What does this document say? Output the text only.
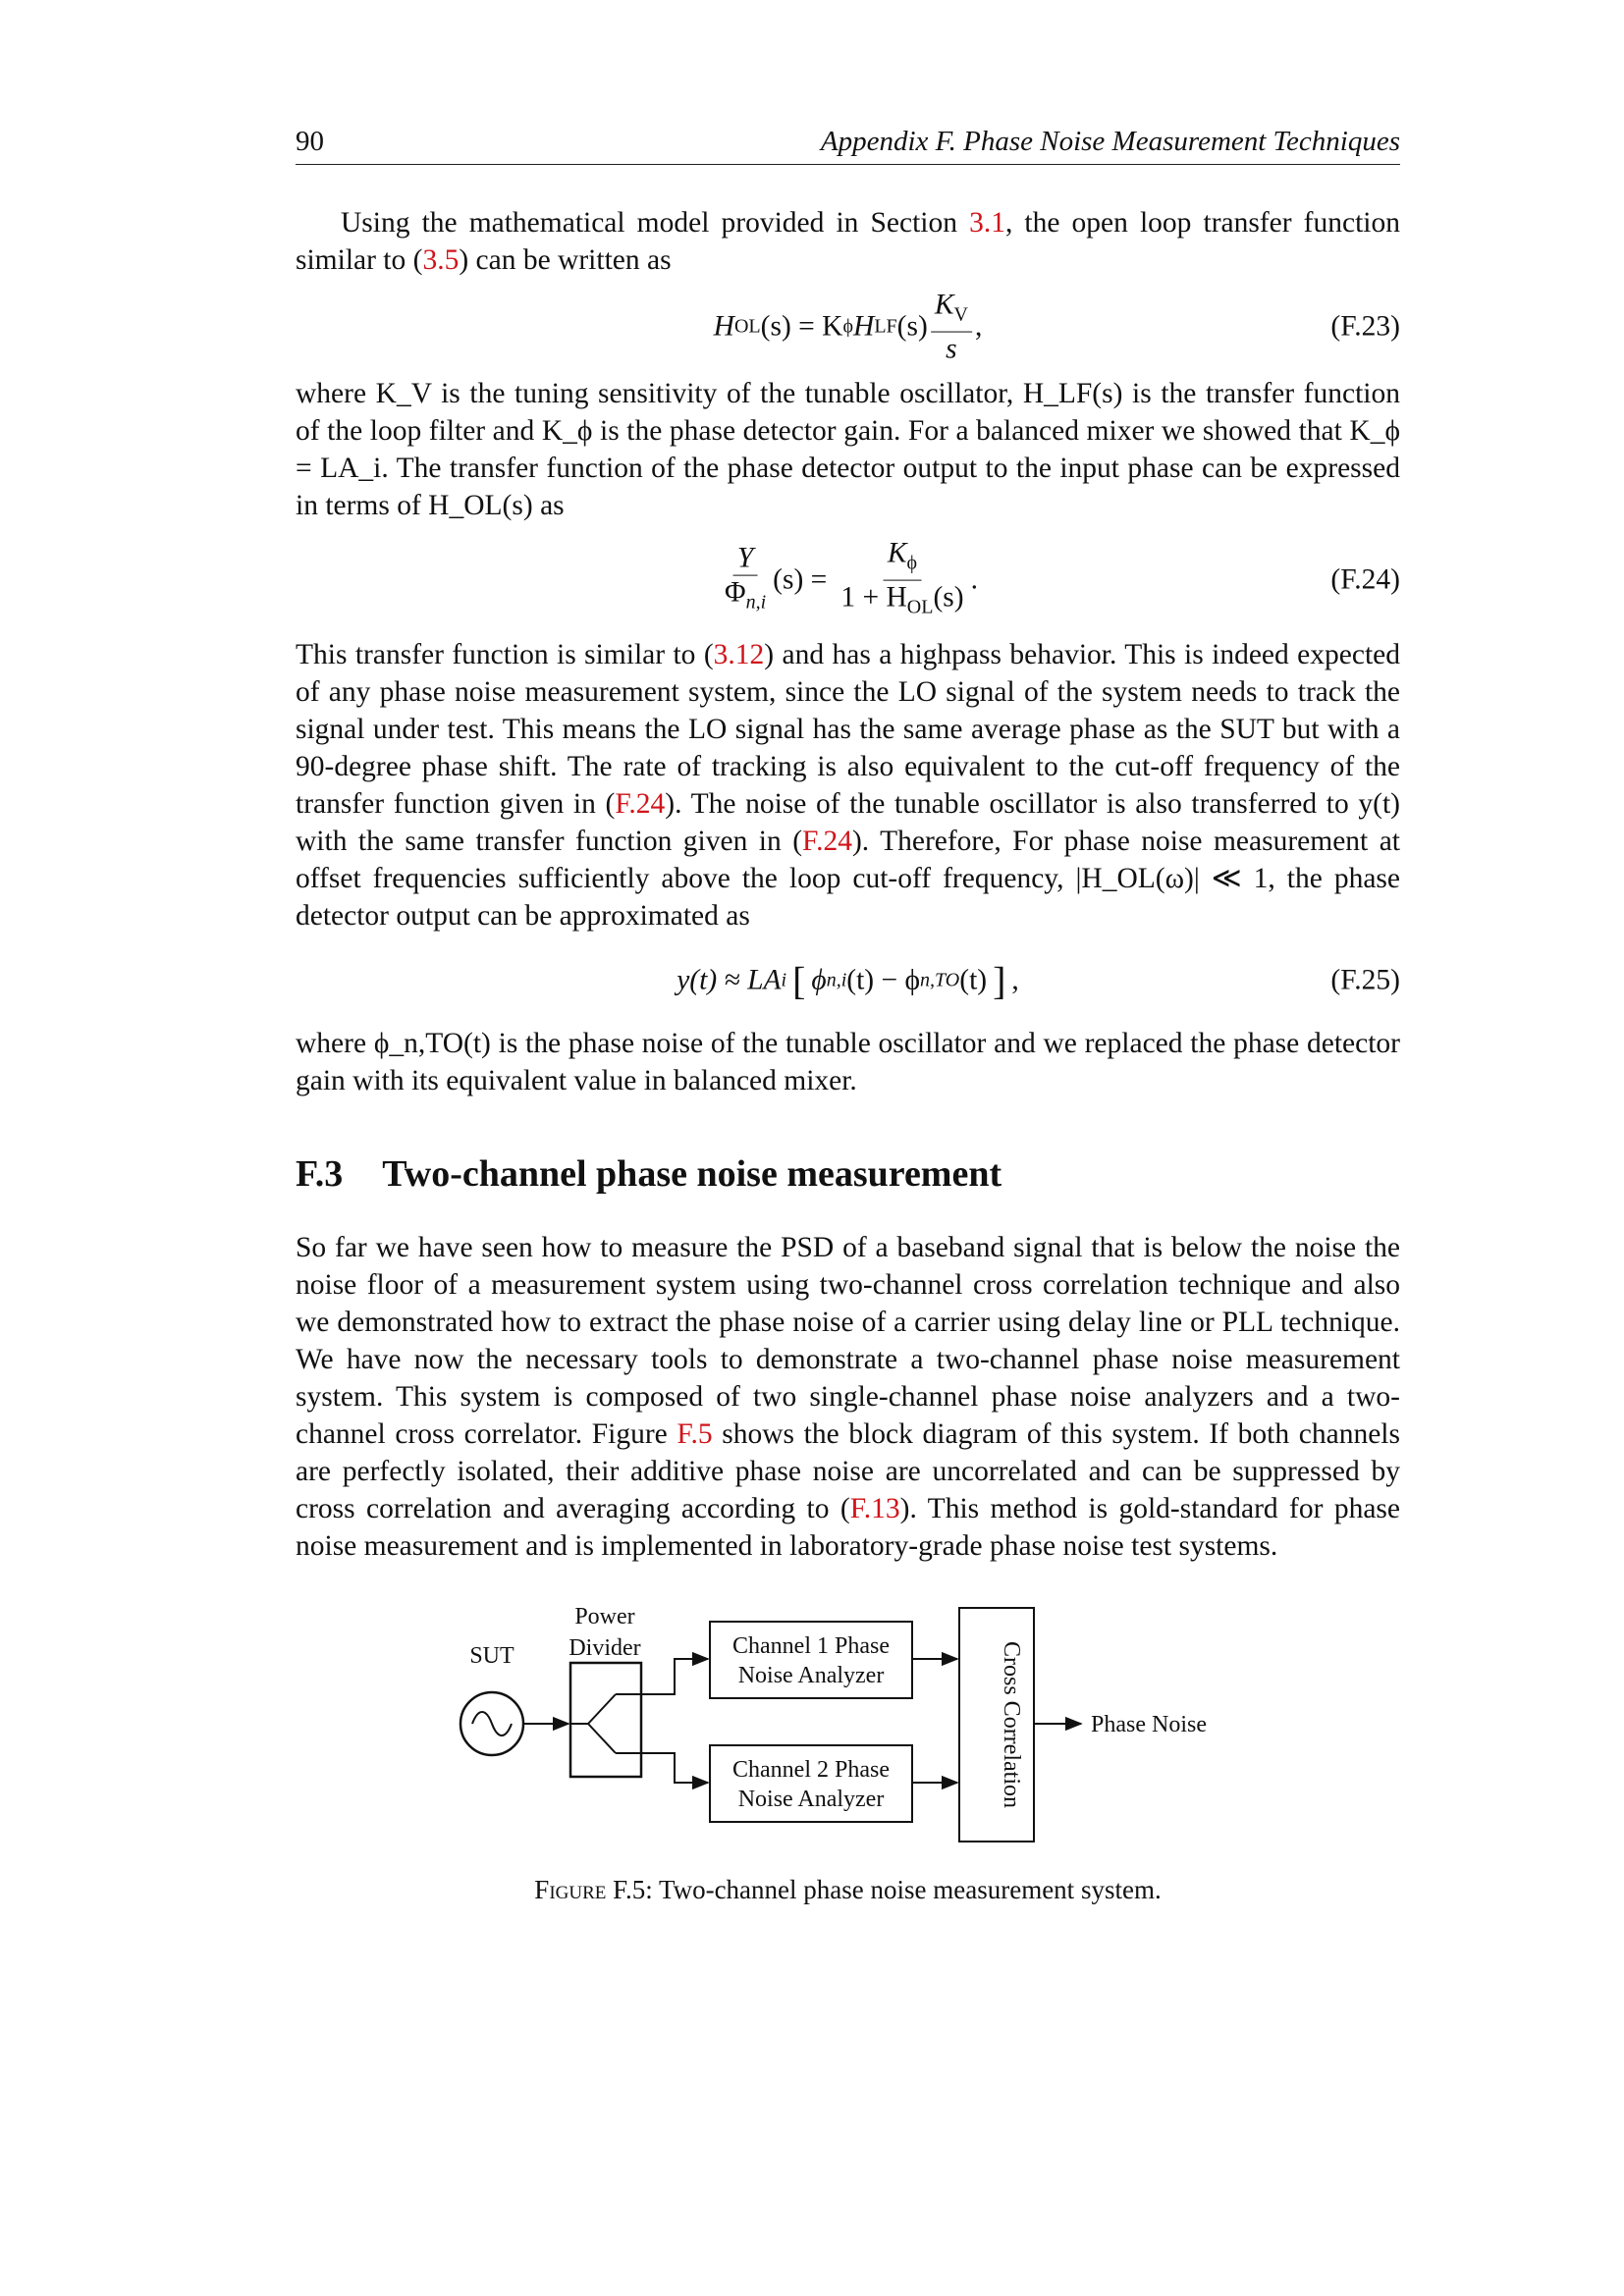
90	Appendix F. Phase Noise Measurement Techniques

Using the mathematical model provided in Section 3.1, the open loop transfer function similar to (3.5) can be written as

H OL (s) = K ϕ H LF $(s) \frac{K_V}{s}$ ,	(F.23)

where K_V is the tuning sensitivity of the tunable oscillator, H_LF(s) is the transfer function of the loop filter and K_ϕ is the phase detector gain. For a balanced mixer we showed that K_ϕ = LA_i. The transfer function of the phase detector output to the input phase can be expressed in terms of H_OL(s) as

$\frac{Y}{\Phi_{n,i}} (s) = \frac{K_\phi}{1 + H_{OL}(s)}$ .	(F.24)

This transfer function is similar to (3.12) and has a highpass behavior. This is indeed expected of any phase noise measurement system, since the LO signal of the system needs to track the signal under test. This means the LO signal has the same average phase as the SUT but with a 90-degree phase shift. The rate of tracking is also equivalent to the cut-off frequency of the transfer function given in (F.24). The noise of the tunable oscillator is also transferred to y(t) with the same transfer function given in (F.24). Therefore, For phase noise measurement at offset frequencies sufficiently above the loop cut-off frequency, |H_OL(ω)| ≪ 1, the phase detector output can be approximated as

y(t) ≈ LA i [ ϕ n,i (t) − ϕ n,TO (t) ] ,	(F.25)

where ϕ_n,TO(t) is the phase noise of the tunable oscillator and we replaced the phase detector gain with its equivalent value in balanced mixer.

F.3 Two-channel phase noise measurement

So far we have seen how to measure the PSD of a baseband signal that is below the noise the noise floor of a measurement system using two-channel cross correlation technique and also we demonstrated how to extract the phase noise of a carrier using delay line or PLL technique. We have now the necessary tools to demonstrate a two-channel phase noise measurement system. This system is composed of two single-channel phase noise analyzers and a two-channel cross correlator. Figure F.5 shows the block diagram of this system. If both channels are perfectly isolated, their additive phase noise are uncorrelated and can be suppressed by cross correlation and averaging according to (F.13). This method is gold-standard for phase noise measurement and is implemented in laboratory-grade phase noise test systems.

SUT
Power
Divider	Channel 1 Phase
Noise Analyzer
Channel 2 Phase
Noise Analyzer	Cross Correlation	Phase Noise
Figure F.5: Two-channel phase noise measurement system.
